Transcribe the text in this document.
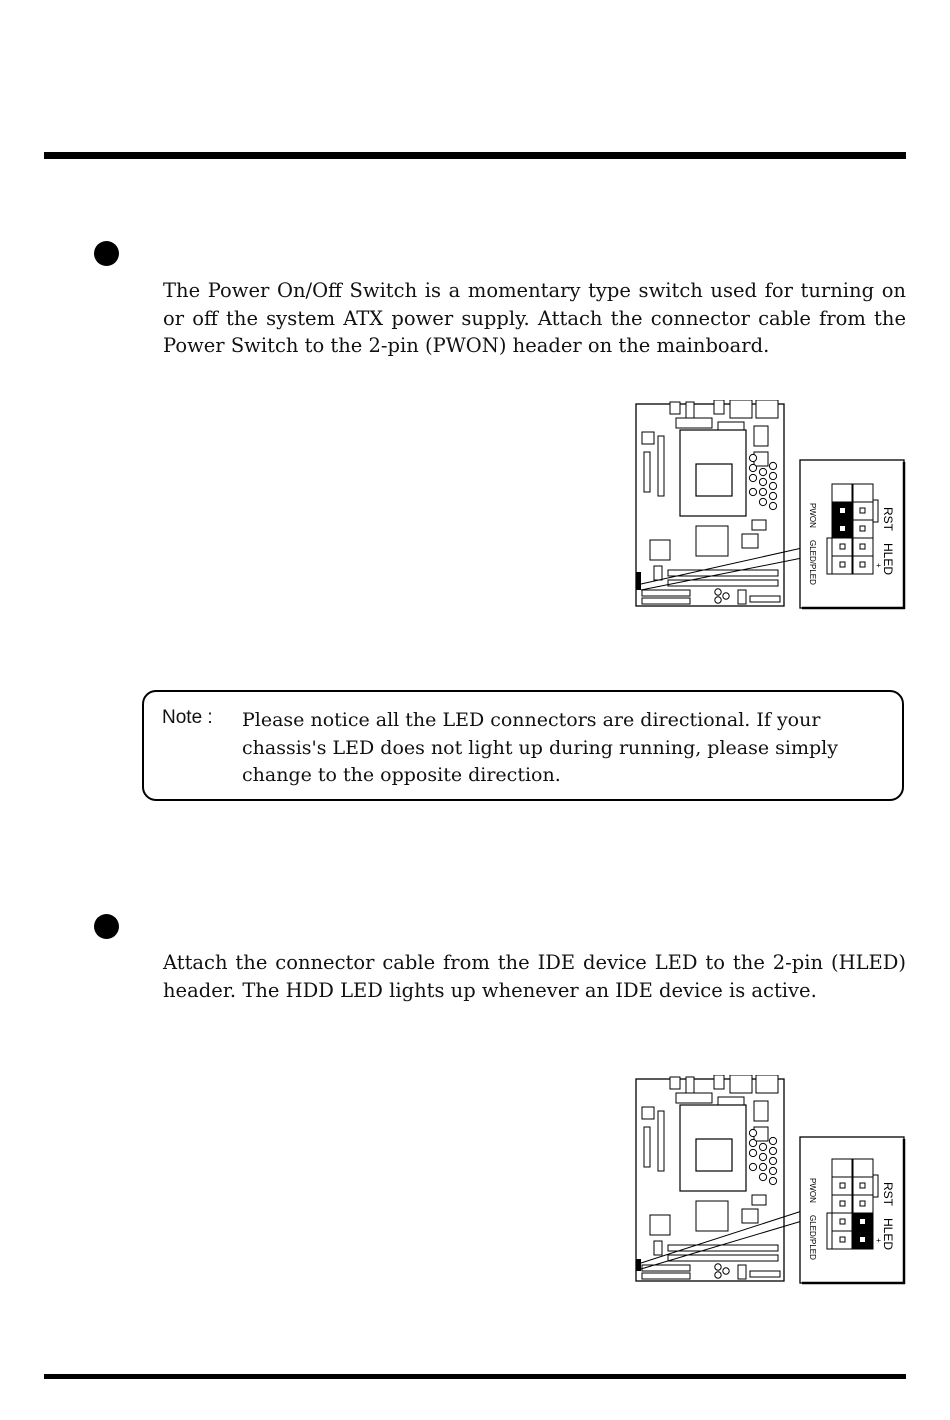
The Power On/Off Switch is a momentary type switch used for turning on or off the system ATX power supply. Attach the connector cable from the Power Switch to the 2-pin (PWON) header on the mainboard.

RST
HLED
PWON
GLED/PLED	+
Note : Please notice all the LED connectors are directional. If your chassis's LED does not light up during running, please simply change to the opposite direction.

Attach the connector cable from the IDE device LED to the 2-pin (HLED) header. The HDD LED lights up whenever an IDE device is active.

RST
HLED
PWON
GLED/PLED	+
